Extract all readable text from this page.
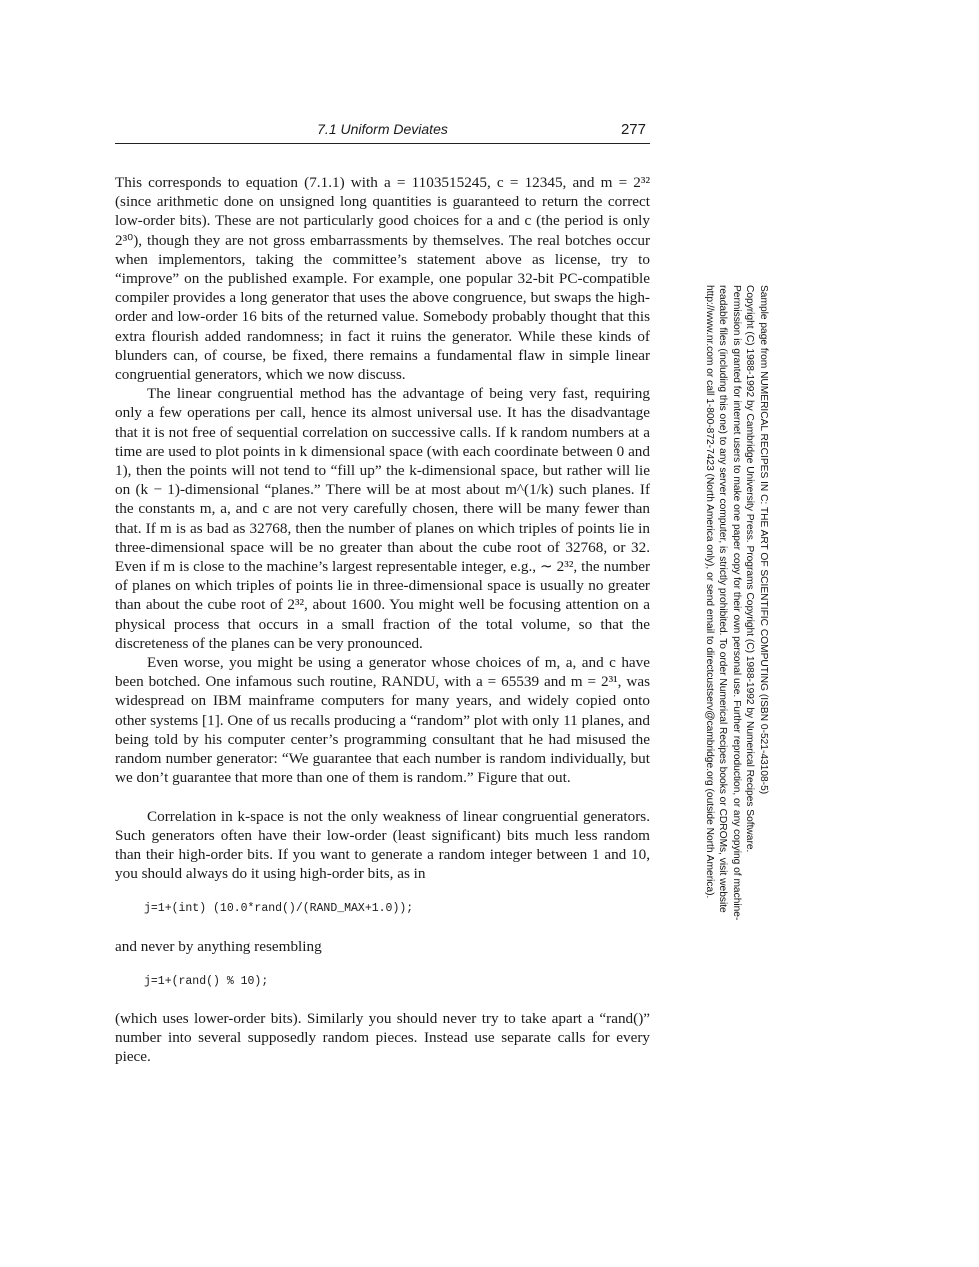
7.1 Uniform Deviates	277

This corresponds to equation (7.1.1) with a = 1103515245, c = 12345, and m = 2³² (since arithmetic done on unsigned long quantities is guaranteed to return the correct low-order bits). These are not particularly good choices for a and c (the period is only 2³⁰), though they are not gross embarrassments by themselves. The real botches occur when implementors, taking the committee’s statement above as license, try to “improve” on the published example. For example, one popular 32-bit PC-compatible compiler provides a long generator that uses the above congruence, but swaps the high-order and low-order 16 bits of the returned value. Somebody probably thought that this extra flourish added randomness; in fact it ruins the generator. While these kinds of blunders can, of course, be fixed, there remains a fundamental flaw in simple linear congruential generators, which we now discuss.

The linear congruential method has the advantage of being very fast, requiring only a few operations per call, hence its almost universal use. It has the disadvantage that it is not free of sequential correlation on successive calls. If k random numbers at a time are used to plot points in k dimensional space (with each coordinate between 0 and 1), then the points will not tend to “fill up” the k-dimensional space, but rather will lie on (k − 1)-dimensional “planes.” There will be at most about m^(1/k) such planes. If the constants m, a, and c are not very carefully chosen, there will be many fewer than that. If m is as bad as 32768, then the number of planes on which triples of points lie in three-dimensional space will be no greater than about the cube root of 32768, or 32. Even if m is close to the machine’s largest representable integer, e.g., ∼ 2³², the number of planes on which triples of points lie in three-dimensional space is usually no greater than about the cube root of 2³², about 1600. You might well be focusing attention on a physical process that occurs in a small fraction of the total volume, so that the discreteness of the planes can be very pronounced.

Even worse, you might be using a generator whose choices of m, a, and c have been botched. One infamous such routine, RANDU, with a = 65539 and m = 2³¹, was widespread on IBM mainframe computers for many years, and widely copied onto other systems [1]. One of us recalls producing a “random” plot with only 11 planes, and being told by his computer center’s programming consultant that he had misused the random number generator: “We guarantee that each number is random individually, but we don’t guarantee that more than one of them is random.” Figure that out.

Correlation in k-space is not the only weakness of linear congruential generators. Such generators often have their low-order (least significant) bits much less random than their high-order bits. If you want to generate a random integer between 1 and 10, you should always do it using high-order bits, as in

j=1+(int) (10.0*rand()/(RAND_MAX+1.0));

and never by anything resembling

j=1+(rand() % 10);

(which uses lower-order bits). Similarly you should never try to take apart a “rand()” number into several supposedly random pieces. Instead use separate calls for every piece.

Sample page from NUMERICAL RECIPES IN C: THE ART OF SCIENTIFIC COMPUTING (ISBN 0-521-43108-5)
Copyright (C) 1988-1992 by Cambridge University Press. Programs Copyright (C) 1988-1992 by Numerical Recipes Software.
Permission is granted for internet users to make one paper copy for their own personal use. Further reproduction, or any copying of machine-
readable files (including this one) to any server computer, is strictly prohibited. To order Numerical Recipes books or CDROMs, visit website
http://www.nr.com or call 1-800-872-7423 (North America only), or send email to directcustserv@cambridge.org (outside North America).
